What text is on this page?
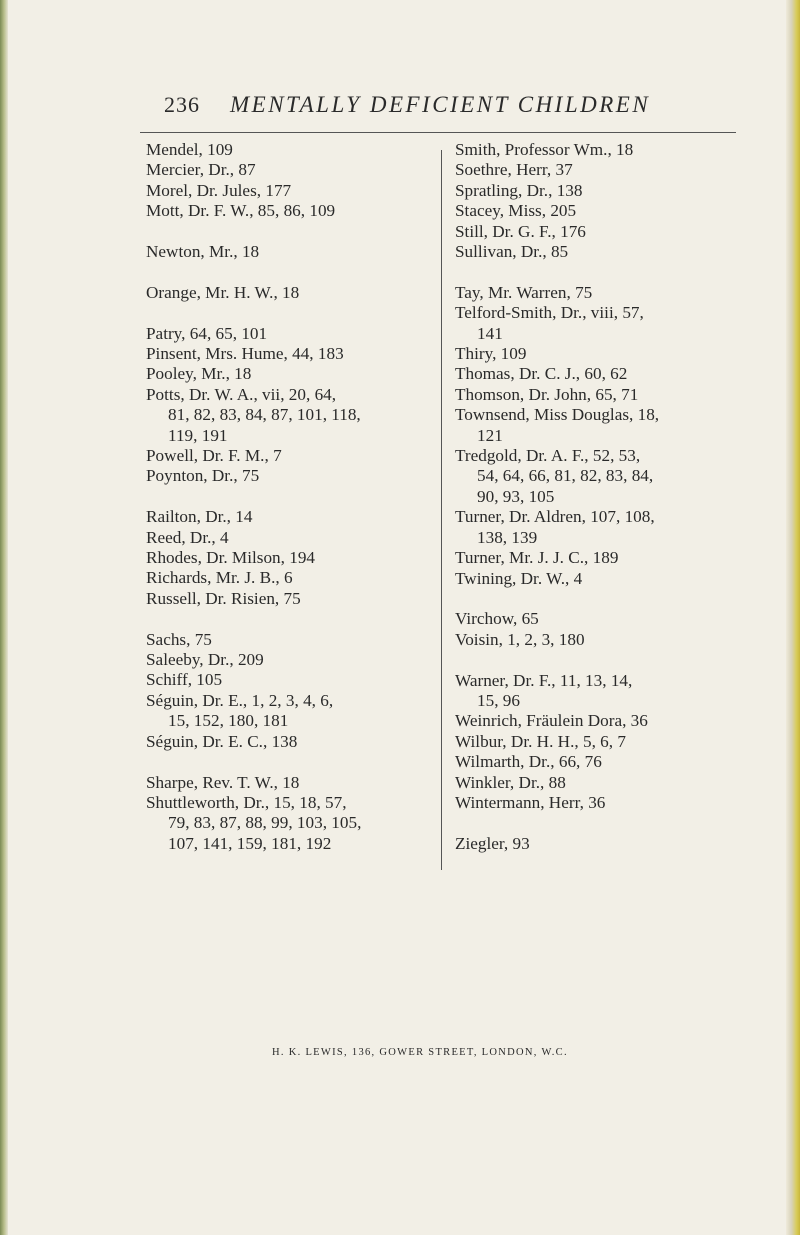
236 MENTALLY DEFICIENT CHILDREN
Mendel, 109
Mercier, Dr., 87
Morel, Dr. Jules, 177
Mott, Dr. F. W., 85, 86, 109
Newton, Mr., 18
Orange, Mr. H. W., 18
Patry, 64, 65, 101
Pinsent, Mrs. Hume, 44, 183
Pooley, Mr., 18
Potts, Dr. W. A., vii, 20, 64,
81, 82, 83, 84, 87, 101, 118,
119, 191
Powell, Dr. F. M., 7
Poynton, Dr., 75
Railton, Dr., 14
Reed, Dr., 4
Rhodes, Dr. Milson, 194
Richards, Mr. J. B., 6
Russell, Dr. Risien, 75
Sachs, 75
Saleeby, Dr., 209
Schiff, 105
Séguin, Dr. E., 1, 2, 3, 4, 6,
15, 152, 180, 181
Séguin, Dr. E. C., 138
Sharpe, Rev. T. W., 18
Shuttleworth, Dr., 15, 18, 57,
79, 83, 87, 88, 99, 103, 105,
107, 141, 159, 181, 192
Smith, Professor Wm., 18
Soethre, Herr, 37
Spratling, Dr., 138
Stacey, Miss, 205
Still, Dr. G. F., 176
Sullivan, Dr., 85
Tay, Mr. Warren, 75
Telford-Smith, Dr., viii, 57,
141
Thiry, 109
Thomas, Dr. C. J., 60, 62
Thomson, Dr. John, 65, 71
Townsend, Miss Douglas, 18,
121
Tredgold, Dr. A. F., 52, 53,
54, 64, 66, 81, 82, 83, 84,
90, 93, 105
Turner, Dr. Aldren, 107, 108,
138, 139
Turner, Mr. J. J. C., 189
Twining, Dr. W., 4
Virchow, 65
Voisin, 1, 2, 3, 180
Warner, Dr. F., 11, 13, 14,
15, 96
Weinrich, Fräulein Dora, 36
Wilbur, Dr. H. H., 5, 6, 7
Wilmarth, Dr., 66, 76
Winkler, Dr., 88
Wintermann, Herr, 36
Ziegler, 93
H. K. LEWIS, 136, GOWER STREET, LONDON, W.C.
